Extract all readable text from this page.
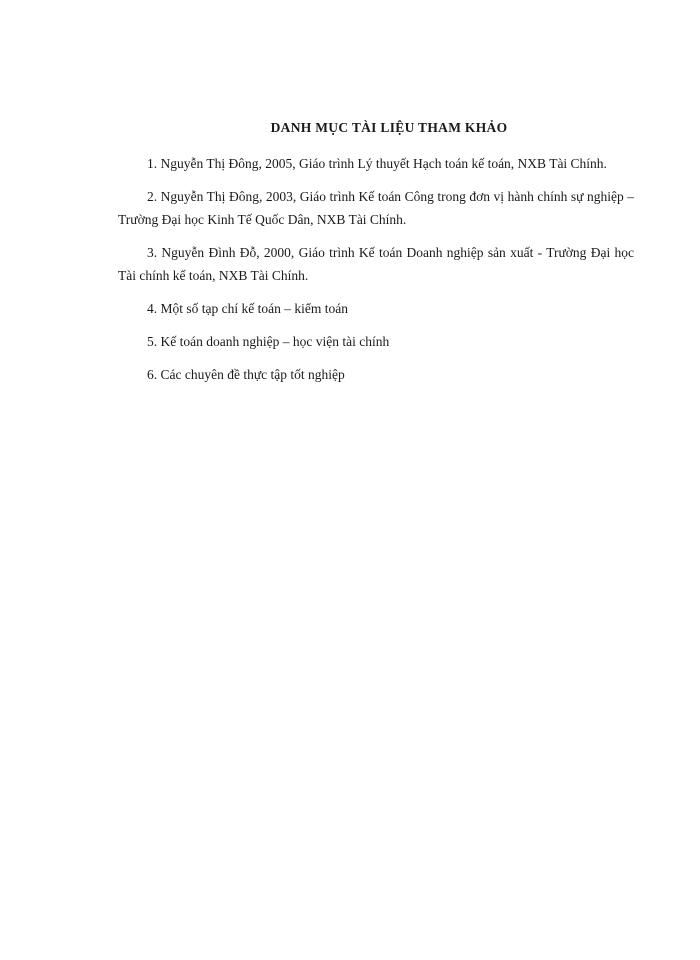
DANH MỤC TÀI LIỆU THAM KHẢO
1. Nguyễn Thị Đông, 2005, Giáo trình Lý thuyết Hạch toán kế toán, NXB Tài Chính.
2. Nguyễn Thị Đông, 2003, Giáo trình Kế toán Công trong đơn vị hành chính sự nghiệp – Trường Đại học Kinh Tế Quốc Dân, NXB Tài Chính.
3. Nguyễn Đình Đỗ, 2000, Giáo trình Kế toán Doanh nghiệp sản xuất - Trường Đại học Tài chính kế toán, NXB Tài Chính.
4. Một số tạp chí kế toán – kiểm toán
5. Kế toán doanh nghiệp – học viện tài chính
6. Các chuyên đề thực tập tốt nghiệp
